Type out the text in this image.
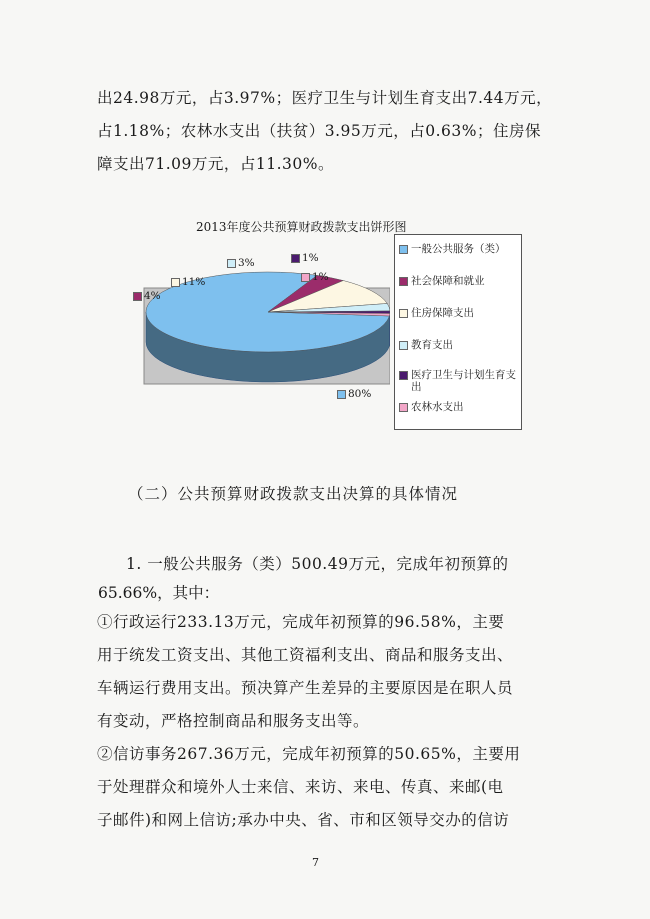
出24.98万元，占3.97%；医疗卫生与计划生育支出7.44万元，
占1.18%；农林水支出（扶贫）3.95万元，占0.63%；住房保
障支出71.09万元，占11.30%。
2013年度公共预算财政拨款支出饼形图
80%
4%
11%
3%	1%
1%
一般公共服务（类）
社会保障和就业
住房保障支出
教育支出
医疗卫生与计划生育支出
农林水支出
（二）公共预算财政拨款支出决算的具体情况
1. 一般公共服务（类）500.49万元，完成年初预算的
65.66%，其中：
①行政运行233.13万元，完成年初预算的96.58%，主要
用于统发工资支出、其他工资福利支出、商品和服务支出、
车辆运行费用支出。预决算产生差异的主要原因是在职人员
有变动，严格控制商品和服务支出等。
②信访事务267.36万元，完成年初预算的50.65%，主要用
于处理群众和境外人士来信、来访、来电、传真、来邮(电
子邮件)和网上信访;承办中央、省、市和区领导交办的信访
7
